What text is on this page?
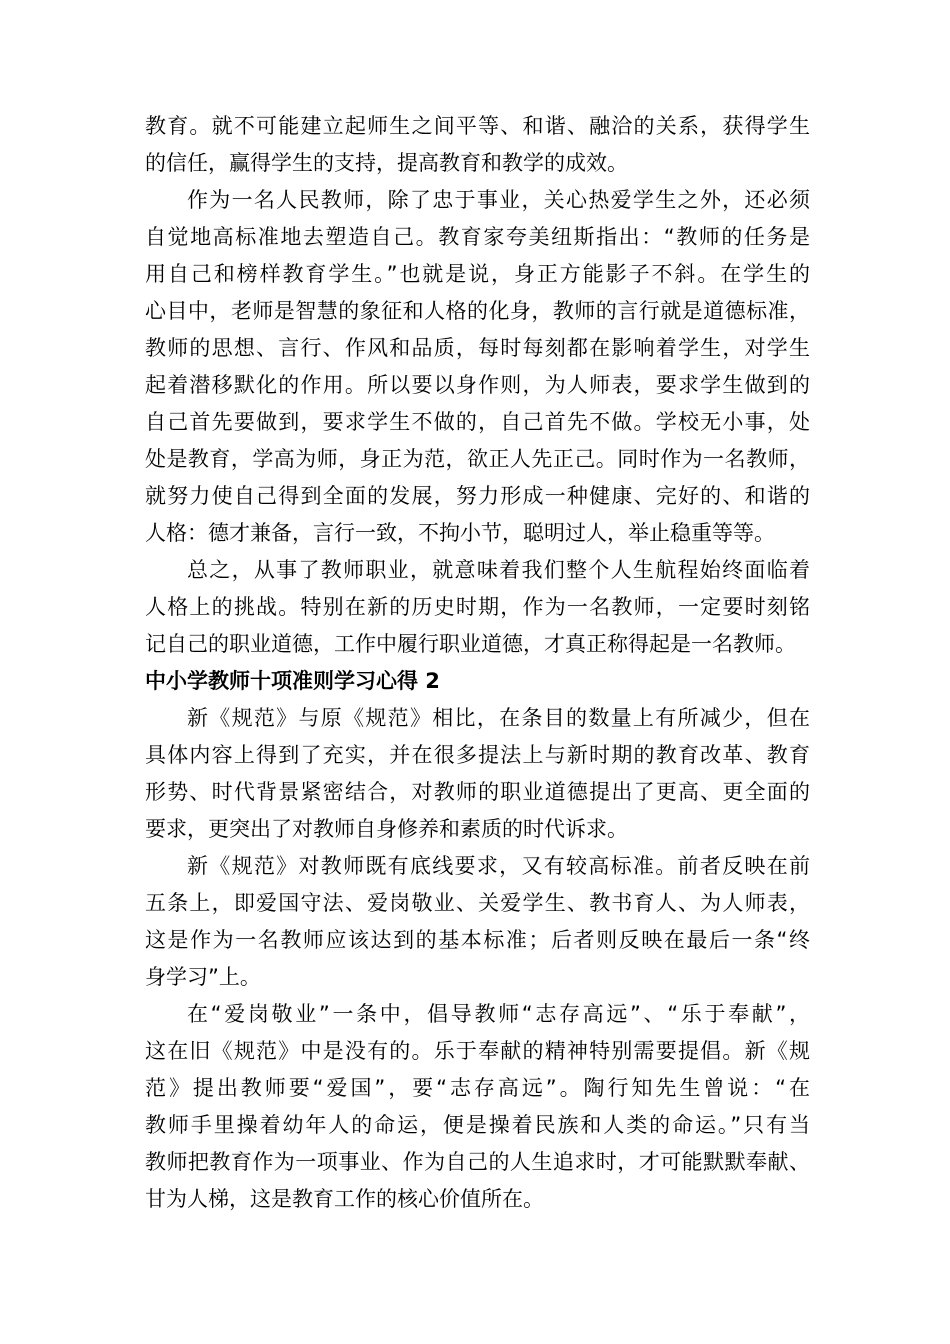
教育。就不可能建立起师生之间平等、和谐、融洽的关系，获得学生
的信任，赢得学生的支持，提高教育和教学的成效。
作为一名人民教师，除了忠于事业，关心热爱学生之外，还必须
自觉地高标准地去塑造自己。教育家夸美纽斯指出：“教师的任务是
用自己和榜样教育学生。”也就是说，身正方能影子不斜。在学生的
心目中，老师是智慧的象征和人格的化身，教师的言行就是道德标准，
教师的思想、言行、作风和品质，每时每刻都在影响着学生，对学生
起着潜移默化的作用。所以要以身作则，为人师表，要求学生做到的
自己首先要做到，要求学生不做的，自己首先不做。学校无小事，处
处是教育，学高为师，身正为范，欲正人先正己。同时作为一名教师，
就努力使自己得到全面的发展，努力形成一种健康、完好的、和谐的
人格：德才兼备，言行一致，不拘小节，聪明过人，举止稳重等等。
总之，从事了教师职业，就意味着我们整个人生航程始终面临着
人格上的挑战。特别在新的历史时期，作为一名教师，一定要时刻铭
记自己的职业道德，工作中履行职业道德，才真正称得起是一名教师。
中小学教师十项准则学习心得 2
新《规范》与原《规范》相比，在条目的数量上有所减少，但在
具体内容上得到了充实，并在很多提法上与新时期的教育改革、教育
形势、时代背景紧密结合，对教师的职业道德提出了更高、更全面的
要求，更突出了对教师自身修养和素质的时代诉求。
新《规范》对教师既有底线要求，又有较高标准。前者反映在前
五条上，即爱国守法、爱岗敬业、关爱学生、教书育人、为人师表，
这是作为一名教师应该达到的基本标准；后者则反映在最后一条“终
身学习”上。
在“爱岗敬业”一条中，倡导教师“志存高远”、“乐于奉献”，
这在旧《规范》中是没有的。乐于奉献的精神特别需要提倡。新《规
范》提出教师要“爱国”，要“志存高远”。陶行知先生曾说：“在
教师手里操着幼年人的命运，便是操着民族和人类的命运。”只有当
教师把教育作为一项事业、作为自己的人生追求时，才可能默默奉献、
甘为人梯，这是教育工作的核心价值所在。
